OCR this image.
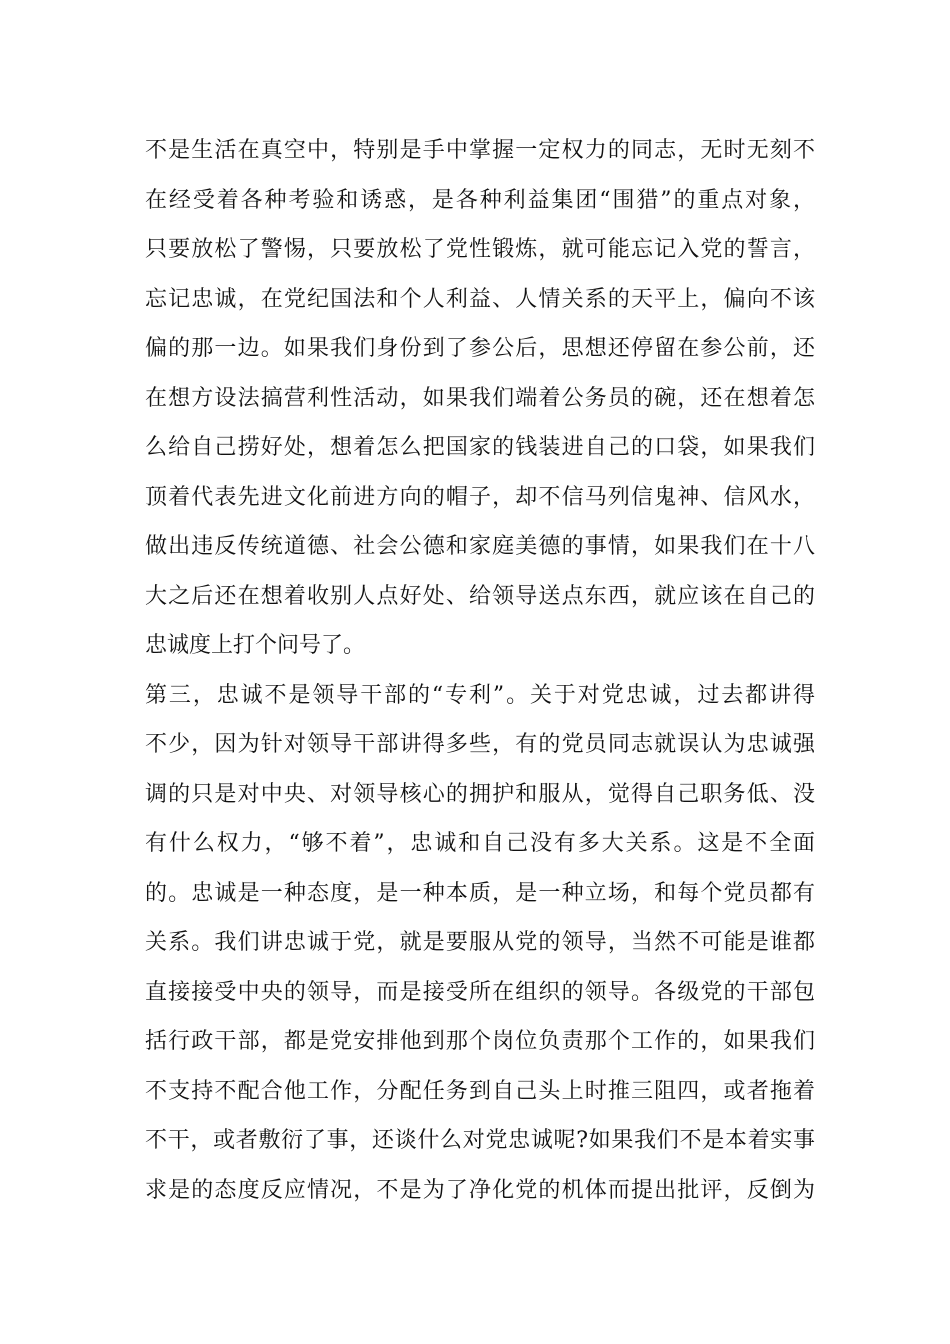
不是生活在真空中，特别是手中掌握一定权力的同志，无时无刻不
在经受着各种考验和诱惑，是各种利益集团“围猎”的重点对象，
只要放松了警惕，只要放松了党性锻炼，就可能忘记入党的誓言，
忘记忠诚，在党纪国法和个人利益、人情关系的天平上，偏向不该
偏的那一边。如果我们身份到了参公后，思想还停留在参公前，还
在想方设法搞营利性活动，如果我们端着公务员的碗，还在想着怎
么给自己捞好处，想着怎么把国家的钱装进自己的口袋，如果我们
顶着代表先进文化前进方向的帽子，却不信马列信鬼神、信风水，
做出违反传统道德、社会公德和家庭美德的事情，如果我们在十八
大之后还在想着收别人点好处、给领导送点东西，就应该在自己的
忠诚度上打个问号了。
第三，忠诚不是领导干部的“专利”。关于对党忠诚，过去都讲得
不少，因为针对领导干部讲得多些，有的党员同志就误认为忠诚强
调的只是对中央、对领导核心的拥护和服从，觉得自己职务低、没
有什么权力，“够不着”，忠诚和自己没有多大关系。这是不全面
的。忠诚是一种态度，是一种本质，是一种立场，和每个党员都有
关系。我们讲忠诚于党，就是要服从党的领导，当然不可能是谁都
直接接受中央的领导，而是接受所在组织的领导。各级党的干部包
括行政干部，都是党安排他到那个岗位负责那个工作的，如果我们
不支持不配合他工作，分配任务到自己头上时推三阻四，或者拖着
不干，或者敷衍了事，还谈什么对党忠诚呢?如果我们不是本着实事
求是的态度反应情况，不是为了净化党的机体而提出批评，反倒为
